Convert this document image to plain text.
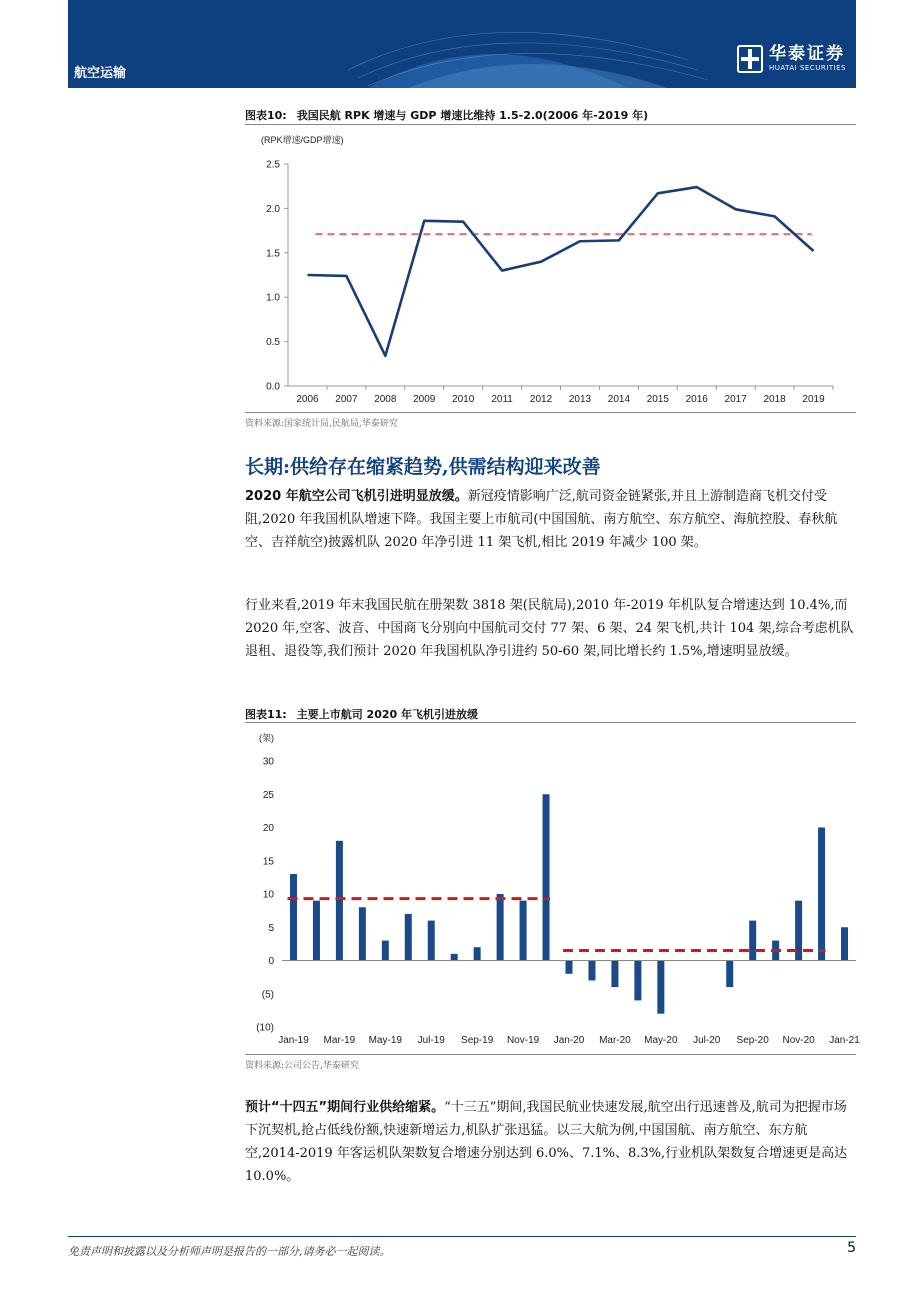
航空运输
华泰证券
HUATAI SECURITIES
图表10: 我国民航 RPK 增速与 GDP 增速比维持 1.5-2.0(2006 年-2019 年)
(RPK增速/GDP增速)
0.0
0.5
1.0
1.5
2.0
2.5
2006 2007 2008 2009 2010 2011 2012 2013 2014 2015 2016 2017 2018 2019
资料来源:国家统计局,民航局,华泰研究
长期:供给存在缩紧趋势,供需结构迎来改善

2020 年航空公司飞机引进明显放缓。新冠疫情影响广泛,航司资金链紧张,并且上游制造商飞机交付受阻,2020 年我国机队增速下降。我国主要上市航司(中国国航、南方航空、东方航空、海航控股、春秋航空、吉祥航空)披露机队 2020 年净引进 11 架飞机,相比 2019 年减少 100 架。

行业来看,2019 年末我国民航在册架数 3818 架(民航局),2010 年-2019 年机队复合增速达到 10.4%,而 2020 年,空客、波音、中国商飞分别向中国航司交付 77 架、6 架、24 架飞机,共计 104 架,综合考虑机队退租、退役等,我们预计 2020 年我国机队净引进约 50-60 架,同比增长约 1.5%,增速明显放缓。

图表11: 主要上市航司 2020 年飞机引进放缓
(架)
30
25
20
15
10
5
0
(5)
(10)
Jan-19 Mar-19 May-19 Jul-19 Sep-19 Nov-19 Jan-20 Mar-20 May-20 Jul-20 Sep-20 Nov-20 Jan-21
资料来源:公司公告,华泰研究

预计“十四五”期间行业供给缩紧。“十三五”期间,我国民航业快速发展,航空出行迅速普及,航司为把握市场下沉契机,抢占低线份额,快速新增运力,机队扩张迅猛。以三大航为例,中国国航、南方航空、东方航空,2014-2019 年客运机队架数复合增速分别达到 6.0%、7.1%、8.3%,行业机队架数复合增速更是高达 10.0%。

免责声明和披露以及分析师声明是报告的一部分,请务必一起阅读。	5
